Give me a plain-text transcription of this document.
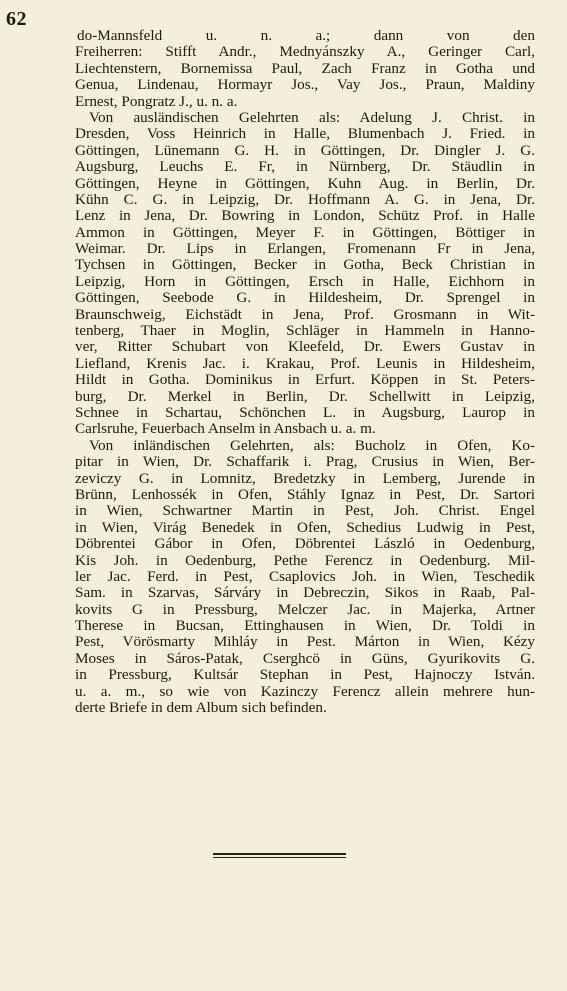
62
do-Mannsfeld u. n. a.; dann von den
Freiherren: Stifft Andr., Mednyánszky A., Geringer Carl,
Liechtenstern, Bornemissa Paul, Zach Franz in Gotha und
Genua, Lindenau, Hormayr Jos., Vay Jos., Praun, Maldiny
Ernest, Pongratz J., u. n. a.
Von ausländischen Gelehrten als: Adelung J. Christ. in
Dresden, Voss Heinrich in Halle, Blumenbach J. Fried. in
Göttingen, Lünemann G. H. in Göttingen, Dr. Dingler J. G.
Augsburg, Leuchs E. Fr, in Nürnberg, Dr. Stäudlin in
Göttingen, Heyne in Göttingen, Kuhn Aug. in Berlin, Dr.
Kühn C. G. in Leipzig, Dr. Hoffmann A. G. in Jena, Dr.
Lenz in Jena, Dr. Bowring in London, Schütz Prof. in Halle
Ammon in Göttingen, Meyer F. in Göttingen, Böttiger in
Weimar. Dr. Lips in Erlangen, Fromenann Fr in Jena,
Tychsen in Göttingen, Becker in Gotha, Beck Christian in
Leipzig, Horn in Göttingen, Ersch in Halle, Eichhorn in
Göttingen, Seebode G. in Hildesheim, Dr. Sprengel in
Braunschweig, Eichstädt in Jena, Prof. Grosmann in Wit-
tenberg, Thaer in Moglin, Schläger in Hammeln in Hanno-
ver, Ritter Schubart von Kleefeld, Dr. Ewers Gustav in
Liefland, Krenis Jac. i. Krakau, Prof. Leunis in Hildesheim,
Hildt in Gotha. Dominikus in Erfurt. Köppen in St. Peters-
burg, Dr. Merkel in Berlin, Dr. Schellwitt in Leipzig,
Schnee in Schartau, Schönchen L. in Augsburg, Laurop in
Carlsruhe, Feuerbach Anselm in Ansbach u. a. m.
Von inländischen Gelehrten, als: Bucholz in Ofen, Ko-
pitar in Wien, Dr. Schaffarik i. Prag, Crusius in Wien, Ber-
zeviczy G. in Lomnitz, Bredetzky in Lemberg, Jurende in
Brünn, Lenhossék in Ofen, Stáhly Ignaz in Pest, Dr. Sartori
in Wien, Schwartner Martin in Pest, Joh. Christ. Engel
in Wien, Virág Benedek in Ofen, Schedius Ludwig in Pest,
Döbrentei Gábor in Ofen, Döbrentei László in Oedenburg,
Kis Joh. in Oedenburg, Pethe Ferencz in Oedenburg. Mil-
ler Jac. Ferd. in Pest, Csaplovics Joh. in Wien, Teschedik
Sam. in Szarvas, Sárváry in Debreczin, Sikos in Raab, Pal-
kovits G in Pressburg, Melczer Jac. in Majerka, Artner
Therese in Bucsan, Ettinghausen in Wien, Dr. Toldi in
Pest, Vörösmarty Mihláy in Pest. Márton in Wien, Kézy
Moses in Sáros-Patak, Cserghcö in Güns, Gyurikovits G.
in Pressburg, Kultsár Stephan in Pest, Hajnoczy István.
u. a. m., so wie von Kazinczy Ferencz allein mehrere hun-
derte Briefe in dem Album sich befinden.
